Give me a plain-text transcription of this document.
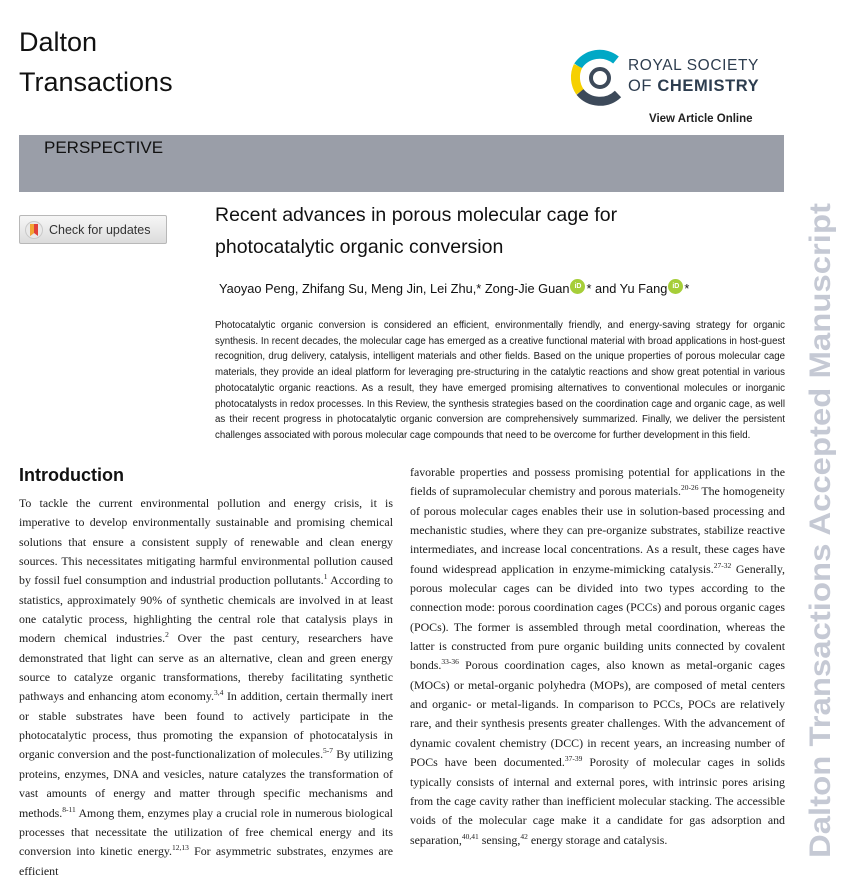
Dalton
Transactions
ROYAL SOCIETY
OF CHEMISTRY
View Article Online
PERSPECTIVE
Check for updates
Recent advances in porous molecular cage for
photocatalytic organic conversion
Yaoyao Peng, Zhifang Su, Meng Jin, Lei Zhu,* Zong-Jie Guan iD * and Yu Fang iD *
Photocatalytic organic conversion is considered an efficient, environmentally friendly, and energy-saving strategy for organic synthesis. In recent decades, the molecular cage has emerged as a creative functional material with broad applications in host-guest recognition, drug delivery, catalysis, intelligent materials and other fields. Based on the unique properties of porous molecular cage materials, they provide an ideal platform for leveraging pre-structuring in the catalytic reactions and show great potential in various photocatalytic organic reactions. As a result, they have emerged promising alternatives to conventional molecules or inorganic photocatalysts in redox processes. In this Review, the synthesis strategies based on the coordination cage and organic cage, as well as their recent progress in photocatalytic organic conversion are comprehensively summarized. Finally, we deliver the persistent challenges associated with porous molecular cage compounds that need to be overcome for further development in this field.	Dalton Transactions Accepted Manuscript
Introduction
To tackle the current environmental pollution and energy crisis, it is imperative to develop environmentally sustainable and promising chemical solutions that ensure a consistent supply of renewable and clean energy sources. This necessitates mitigating harmful environmental pollution caused by fossil fuel consumption and industrial production pollutants.$^1$ According to statistics, approximately 90% of synthetic chemicals are involved in at least one catalytic process, highlighting the central role that catalysis plays in modern chemical industries.$^2$ Over the past century, researchers have demonstrated that light can serve as an alternative, clean and green energy source to catalyze organic transformations, thereby facilitating synthetic pathways and enhancing atom economy.$^{3,4}$ In addition, certain thermally inert or stable substrates have been found to actively participate in the photocatalytic process, thus promoting the expansion of photocatalysis in organic conversion and the post-functionalization of molecules.$^{5-7}$ By utilizing proteins, enzymes, DNA and vesicles, nature catalyzes the transformation of vast amounts of energy and matter through specific mechanisms and methods.$^{8-11}$ Among them, enzymes play a crucial role in numerous biological processes that necessitate the utilization of free chemical energy and its conversion into kinetic energy.$^{12,13}$ For asymmetric substrates, enzymes are efficient
favorable properties and possess promising potential for applications in the fields of supramolecular chemistry and porous materials.$^{20-26}$ The homogeneity of porous molecular cages enables their use in solution-based processing and mechanistic studies, where they can pre-organize substrates, stabilize reactive intermediates, and increase local concentrations. As a result, these cages have found widespread application in enzyme-mimicking catalysis.$^{27-32}$ Generally, porous molecular cages can be divided into two types according to the connection mode: porous coordination cages (PCCs) and porous organic cages (POCs). The former is assembled through metal coordination, whereas the latter is constructed from pure organic building units connected by covalent bonds.$^{33-36}$ Porous coordination cages, also known as metal-organic cages (MOCs) or metal-organic polyhedra (MOPs), are composed of metal centers and organic- or metal-ligands. In comparison to PCCs, POCs are relatively rare, and their synthesis presents greater challenges. With the advancement of dynamic covalent chemistry (DCC) in recent years, an increasing number of POCs have been documented.$^{37-39}$ Porosity of molecular cages in solids typically consists of internal and external pores, with intrinsic pores arising from the cage cavity rather than inefficient molecular stacking. The accessible voids of the molecular cage make it a candidate for gas adsorption and separation,$^{40,41}$ sensing,$^{42}$ energy storage and catalysis.
